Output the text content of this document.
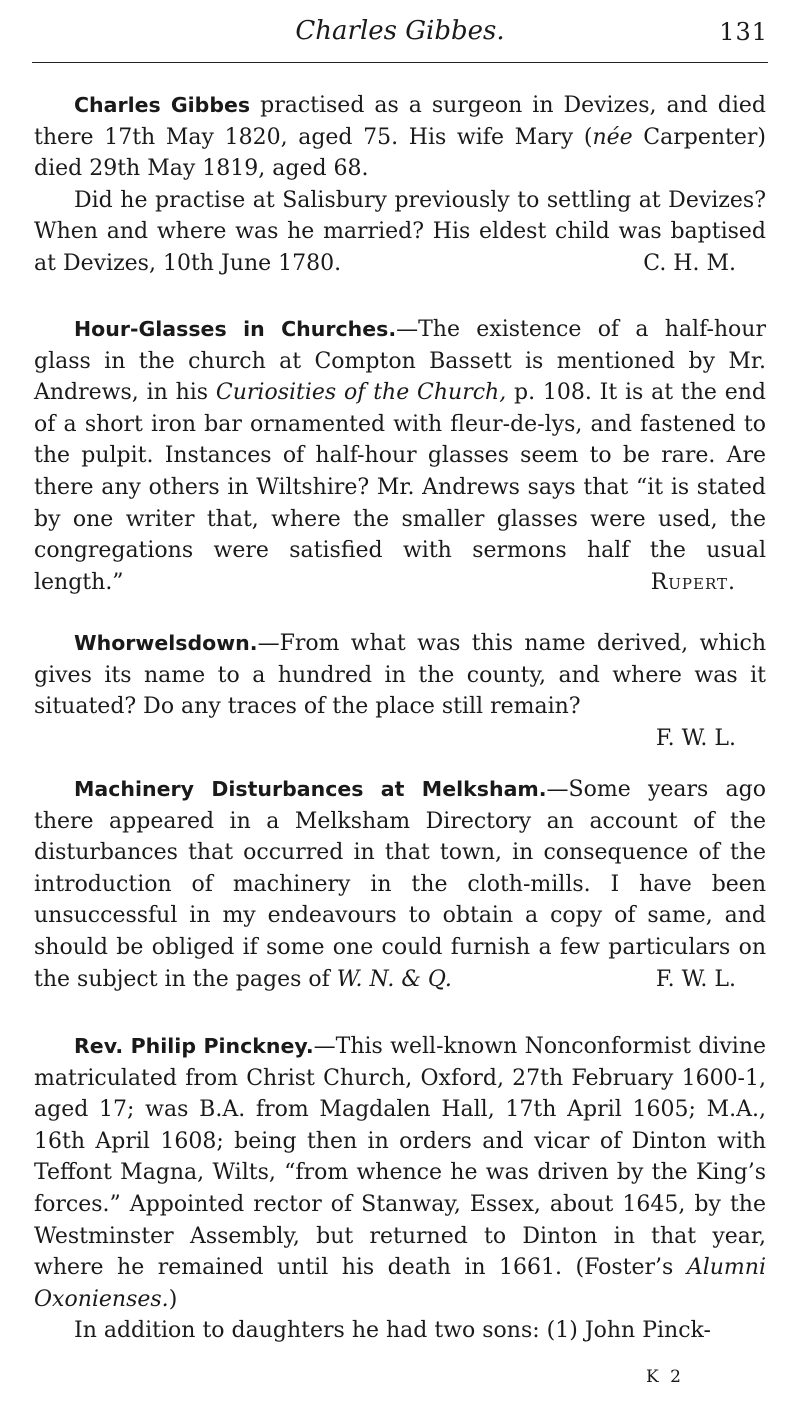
Charles Gibbes.	131

Charles Gibbes practised as a surgeon in Devizes, and died there 17th May 1820, aged 75. His wife Mary (née Carpenter) died 29th May 1819, aged 68.

Did he practise at Salisbury previously to settling at Devizes? When and where was he married? His eldest child was baptised at Devizes, 10th June 1780.	C. H. M.

Hour-Glasses in Churches.—The existence of a half-hour glass in the church at Compton Bassett is mentioned by Mr. Andrews, in his Curiosities of the Church, p. 108. It is at the end of a short iron bar ornamented with fleur-de-lys, and fastened to the pulpit. Instances of half-hour glasses seem to be rare. Are there any others in Wiltshire? Mr. Andrews says that “it is stated by one writer that, where the smaller glasses were used, the congregations were satisfied with sermons half the usual length.”	Rupert.

Whorwelsdown.—From what was this name derived, which gives its name to a hundred in the county, and where was it situated? Do any traces of the place still remain?

F. W. L.

Machinery Disturbances at Melksham.—Some years ago there appeared in a Melksham Directory an account of the disturbances that occurred in that town, in consequence of the introduction of machinery in the cloth-mills. I have been unsuccessful in my endeavours to obtain a copy of same, and should be obliged if some one could furnish a few particulars on the subject in the pages of W. N. & Q.	F. W. L.

Rev. Philip Pinckney.—This well-known Nonconformist divine matriculated from Christ Church, Oxford, 27th February 1600-1, aged 17; was B.A. from Magdalen Hall, 17th April 1605; M.A., 16th April 1608; being then in orders and vicar of Dinton with Teffont Magna, Wilts, “from whence he was driven by the King’s forces.” Appointed rector of Stanway, Essex, about 1645, by the Westminster Assembly, but returned to Dinton in that year, where he remained until his death in 1661. (Foster’s Alumni Oxonienses.)

In addition to daughters he had two sons: (1) John Pinck-

K 2
